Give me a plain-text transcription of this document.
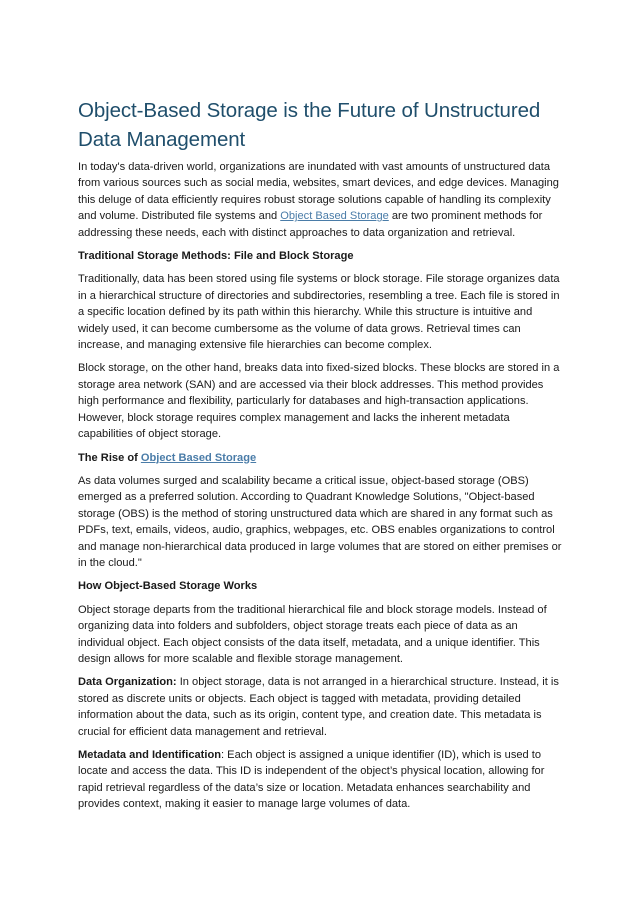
Object-Based Storage is the Future of Unstructured Data Management

In today's data-driven world, organizations are inundated with vast amounts of unstructured data from various sources such as social media, websites, smart devices, and edge devices. Managing this deluge of data efficiently requires robust storage solutions capable of handling its complexity and volume. Distributed file systems and Object Based Storage are two prominent methods for addressing these needs, each with distinct approaches to data organization and retrieval.

Traditional Storage Methods: File and Block Storage

Traditionally, data has been stored using file systems or block storage. File storage organizes data in a hierarchical structure of directories and subdirectories, resembling a tree. Each file is stored in a specific location defined by its path within this hierarchy. While this structure is intuitive and widely used, it can become cumbersome as the volume of data grows. Retrieval times can increase, and managing extensive file hierarchies can become complex.

Block storage, on the other hand, breaks data into fixed-sized blocks. These blocks are stored in a storage area network (SAN) and are accessed via their block addresses. This method provides high performance and flexibility, particularly for databases and high-transaction applications. However, block storage requires complex management and lacks the inherent metadata capabilities of object storage.

The Rise of Object Based Storage

As data volumes surged and scalability became a critical issue, object-based storage (OBS) emerged as a preferred solution. According to Quadrant Knowledge Solutions, "Object-based storage (OBS) is the method of storing unstructured data which are shared in any format such as PDFs, text, emails, videos, audio, graphics, webpages, etc. OBS enables organizations to control and manage non-hierarchical data produced in large volumes that are stored on either premises or in the cloud."

How Object-Based Storage Works

Object storage departs from the traditional hierarchical file and block storage models. Instead of organizing data into folders and subfolders, object storage treats each piece of data as an individual object. Each object consists of the data itself, metadata, and a unique identifier. This design allows for more scalable and flexible storage management.

Data Organization: In object storage, data is not arranged in a hierarchical structure. Instead, it is stored as discrete units or objects. Each object is tagged with metadata, providing detailed information about the data, such as its origin, content type, and creation date. This metadata is crucial for efficient data management and retrieval.

Metadata and Identification: Each object is assigned a unique identifier (ID), which is used to locate and access the data. This ID is independent of the object’s physical location, allowing for rapid retrieval regardless of the data’s size or location. Metadata enhances searchability and provides context, making it easier to manage large volumes of data.
